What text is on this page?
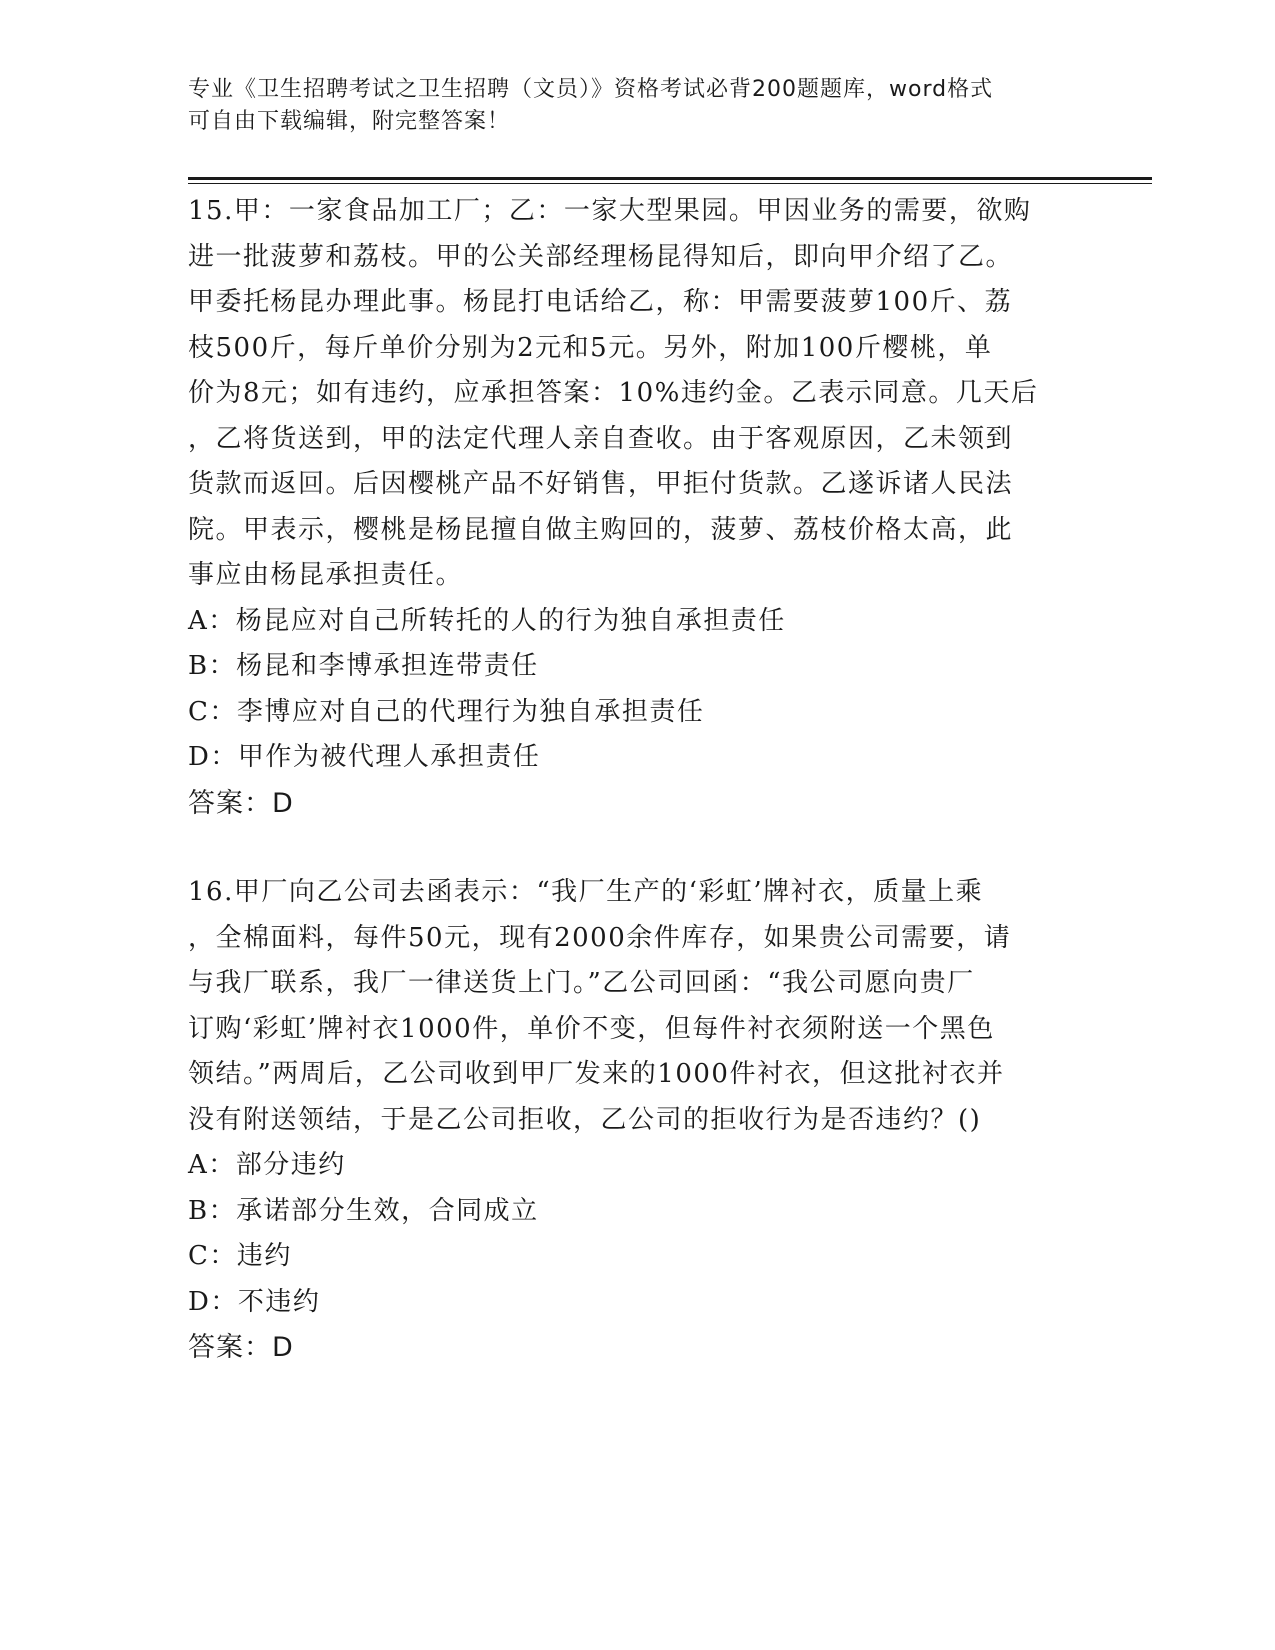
专业《卫生招聘考试之卫生招聘（文员）》资格考试必背200题题库，word格式
可自由下载编辑，附完整答案！
15.甲：一家食品加工厂；乙：一家大型果园。甲因业务的需要，欲购
进一批菠萝和荔枝。甲的公关部经理杨昆得知后，即向甲介绍了乙。
甲委托杨昆办理此事。杨昆打电话给乙，称：甲需要菠萝100斤、荔
枝500斤，每斤单价分别为2元和5元。另外，附加100斤樱桃，单
价为8元；如有违约，应承担答案：10%违约金。乙表示同意。几天后
，乙将货送到，甲的法定代理人亲自查收。由于客观原因，乙未领到
货款而返回。后因樱桃产品不好销售，甲拒付货款。乙遂诉诸人民法
院。甲表示，樱桃是杨昆擅自做主购回的，菠萝、荔枝价格太高，此
事应由杨昆承担责任。
A：杨昆应对自己所转托的人的行为独自承担责任
B：杨昆和李博承担连带责任
C：李博应对自己的代理行为独自承担责任
D：甲作为被代理人承担责任
答案：D
16.甲厂向乙公司去函表示：“我厂生产的‘彩虹’牌衬衣，质量上乘
，全棉面料，每件50元，现有2000余件库存，如果贵公司需要，请
与我厂联系，我厂一律送货上门。”乙公司回函：“我公司愿向贵厂
订购‘彩虹’牌衬衣1000件，单价不变，但每件衬衣须附送一个黑色
领结。”两周后，乙公司收到甲厂发来的1000件衬衣，但这批衬衣并
没有附送领结，于是乙公司拒收，乙公司的拒收行为是否违约？()
A：部分违约
B：承诺部分生效，合同成立
C：违约
D：不违约
答案：D
